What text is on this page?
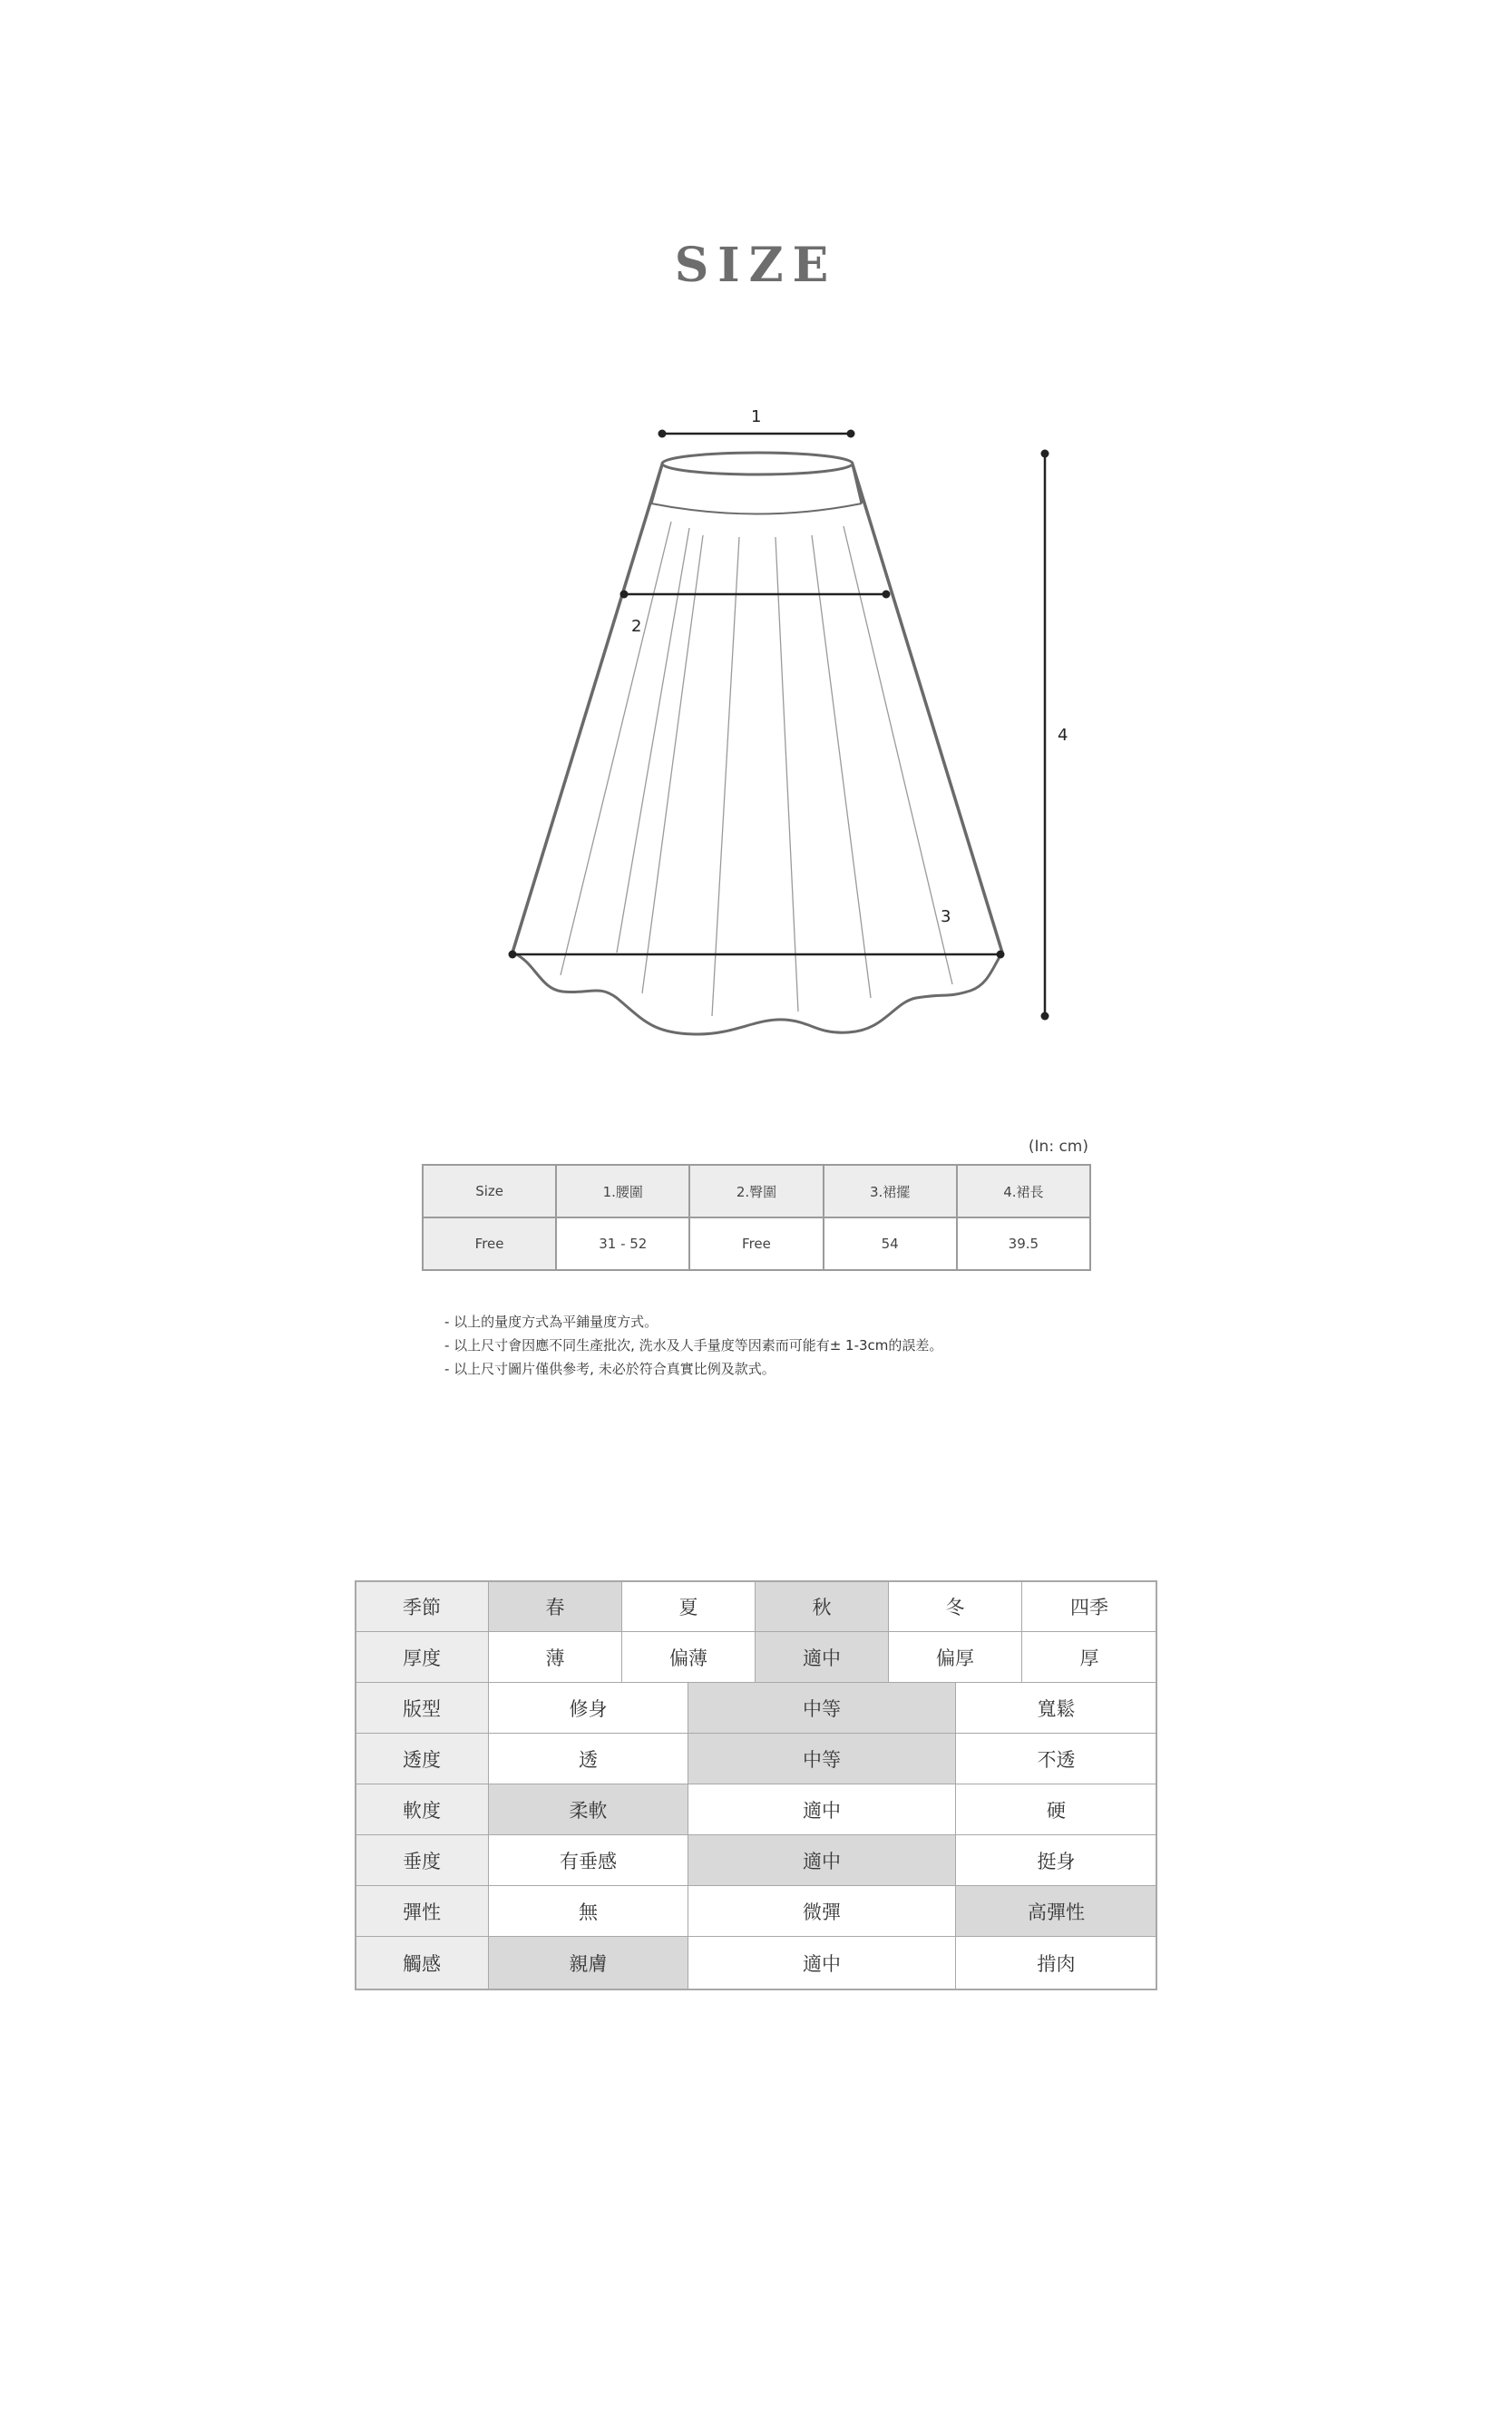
SIZE
1
2
3
4
(In: cm)
Size	1.腰圍	2.臀圍	3.裙擺	4.裙長
Free	31 - 52	Free	54	39.5
- 以上的量度方式為平鋪量度方式。
- 以上尺寸會因應不同生產批次, 洗水及人手量度等因素而可能有± 1-3cm的誤差。
- 以上尺寸圖片僅供參考, 未必於符合真實比例及款式。
季節	春	夏	秋	冬	四季
厚度	薄	偏薄	適中	偏厚	厚
版型	修身	中等	寬鬆
透度	透	中等	不透
軟度	柔軟	適中	硬
垂度	有垂感	適中	挺身
彈性	無	微彈	高彈性
觸感	親膚	適中	掯肉
